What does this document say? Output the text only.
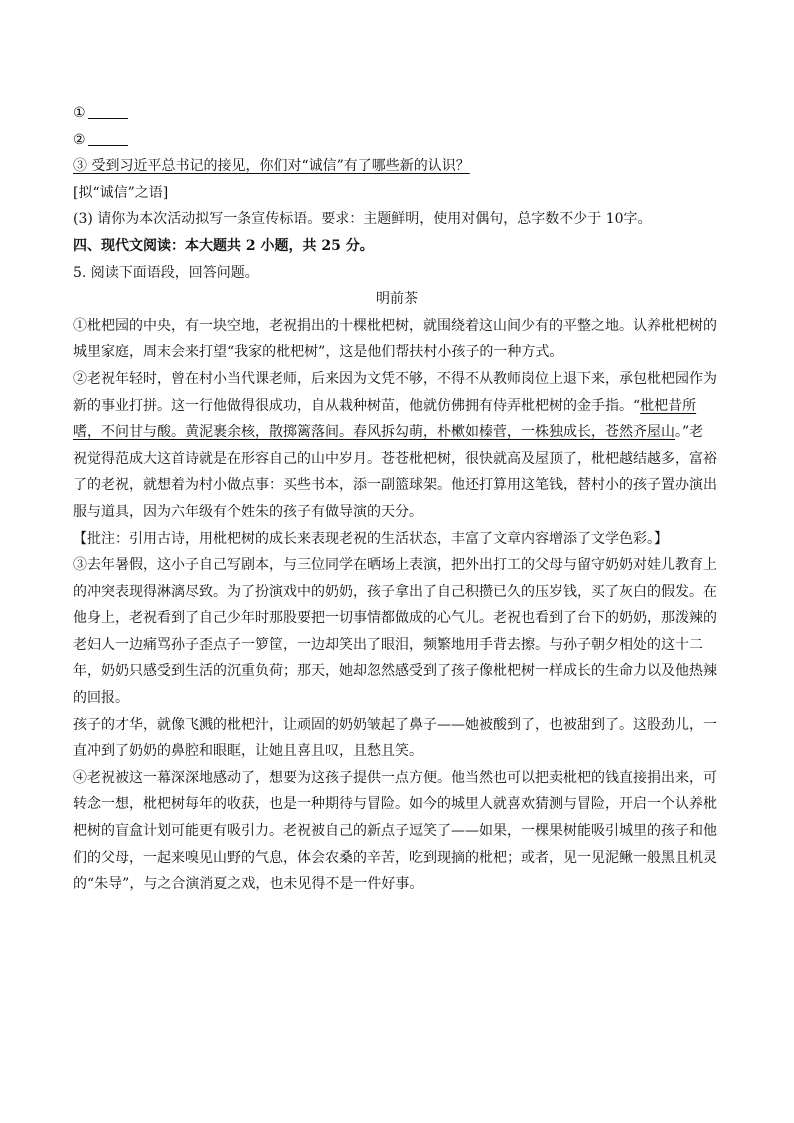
①

②

③ 受到习近平总书记的接见，你们对“诚信”有了哪些新的认识？

[拟“诚信”之语]

(3) 请你为本次活动拟写一条宣传标语。要求：主题鲜明，使用对偶句，总字数不少于 10字。

四、现代文阅读：本大题共 2 小题，共 25 分。

5. 阅读下面语段，回答问题。

明前茶

①枇杷园的中央，有一块空地，老祝捐出的十棵枇杷树，就围绕着这山间少有的平整之地。认养枇杷树的

城里家庭，周末会来打望“我家的枇杷树”，这是他们帮扶村小孩子的一种方式。

②老祝年轻时，曾在村小当代课老师，后来因为文凭不够，不得不从教师岗位上退下来，承包枇杷园作为

新的事业打拼。这一行他做得很成功，自从栽种树苗，他就仿佛拥有侍弄枇杷树的金手指。“枇杷昔所

嗜，不问甘与酸。黄泥裹余核，散掷篱落间。春风拆勾萌，朴樕如榛菅，一株独成长，苍然齐屋山。”老

祝觉得范成大这首诗就是在形容自己的山中岁月。苍苍枇杷树，很快就高及屋顶了，枇杷越结越多，富裕

了的老祝，就想着为村小做点事：买些书本，添一副篮球架。他还打算用这笔钱，替村小的孩子置办演出

服与道具，因为六年级有个姓朱的孩子有做导演的天分。

【批注：引用古诗，用枇杷树的成长来表现老祝的生活状态，丰富了文章内容增添了文学色彩。】

③去年暑假，这小子自己写剧本，与三位同学在晒场上表演，把外出打工的父母与留守奶奶对娃儿教育上

的冲突表现得淋漓尽致。为了扮演戏中的奶奶，孩子拿出了自己积攒已久的压岁钱，买了灰白的假发。在

他身上，老祝看到了自己少年时那股要把一切事情都做成的心气儿。老祝也看到了台下的奶奶，那泼辣的

老妇人一边痛骂孙子歪点子一箩筐，一边却笑出了眼泪，频繁地用手背去擦。与孙子朝夕相处的这十二

年，奶奶只感受到生活的沉重负荷；那天，她却忽然感受到了孩子像枇杷树一样成长的生命力以及他热辣

的回报。

孩子的才华，就像飞溅的枇杷汁，让顽固的奶奶皱起了鼻子——她被酸到了，也被甜到了。这股劲儿，一

直冲到了奶奶的鼻腔和眼眶，让她且喜且叹，且愁且笑。

④老祝被这一幕深深地感动了，想要为这孩子提供一点方便。他当然也可以把卖枇杷的钱直接捐出来，可

转念一想，枇杷树每年的收获，也是一种期待与冒险。如今的城里人就喜欢猜测与冒险，开启一个认养枇

杷树的盲盒计划可能更有吸引力。老祝被自己的新点子逗笑了——如果，一棵果树能吸引城里的孩子和他

们的父母，一起来嗅见山野的气息，体会农桑的辛苦，吃到现摘的枇杷；或者，见一见泥鳅一般黑且机灵

的“朱导”，与之合演消夏之戏，也未见得不是一件好事。
